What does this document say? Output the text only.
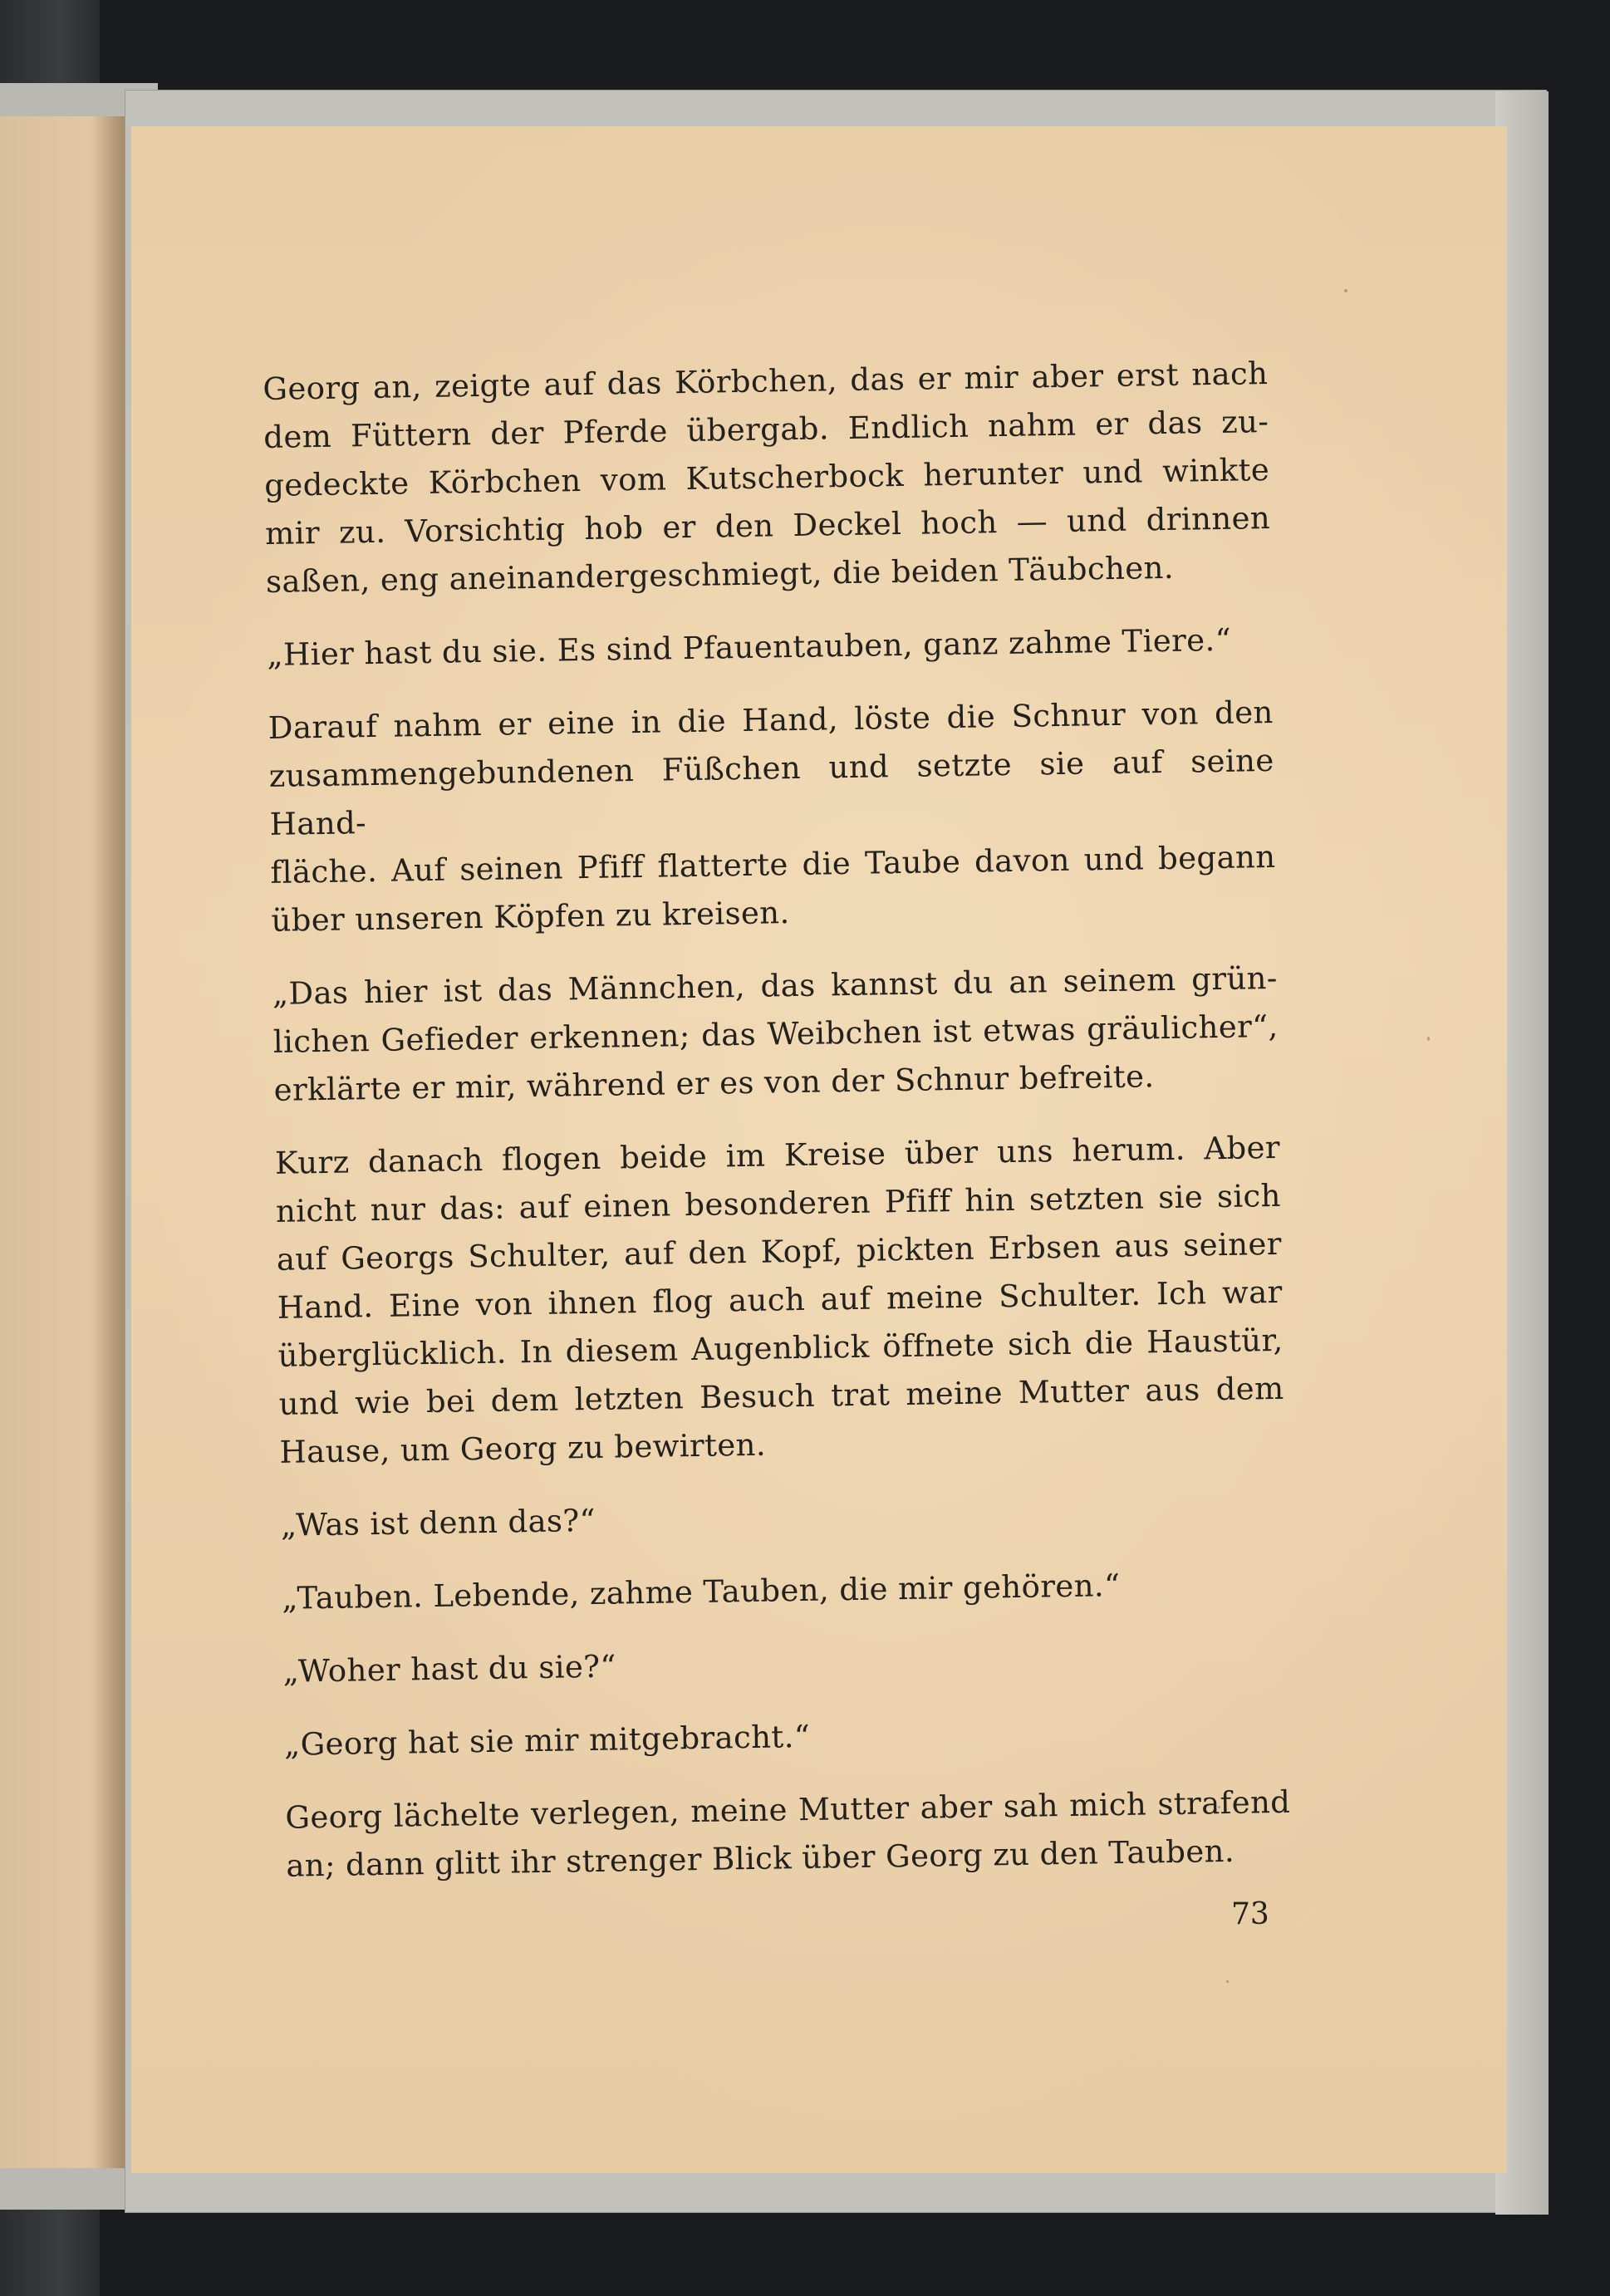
Georg an, zeigte auf das Körbchen, das er mir aber erst nach
dem Füttern der Pferde übergab. Endlich nahm er das zu-
gedeckte Körbchen vom Kutscherbock herunter und winkte
mir zu. Vorsichtig hob er den Deckel hoch — und drinnen
saßen, eng aneinandergeschmiegt, die beiden Täubchen.
„Hier hast du sie. Es sind Pfauentauben, ganz zahme Tiere.“
Darauf nahm er eine in die Hand, löste die Schnur von den
zusammengebundenen Füßchen und setzte sie auf seine Hand-
fläche. Auf seinen Pfiff flatterte die Taube davon und begann
über unseren Köpfen zu kreisen.
„Das hier ist das Männchen, das kannst du an seinem grün-
lichen Gefieder erkennen; das Weibchen ist etwas gräulicher“,
erklärte er mir, während er es von der Schnur befreite.
Kurz danach flogen beide im Kreise über uns herum. Aber
nicht nur das: auf einen besonderen Pfiff hin setzten sie sich
auf Georgs Schulter, auf den Kopf, pickten Erbsen aus seiner
Hand. Eine von ihnen flog auch auf meine Schulter. Ich war
überglücklich. In diesem Augenblick öffnete sich die Haustür,
und wie bei dem letzten Besuch trat meine Mutter aus dem
Hause, um Georg zu bewirten.
„Was ist denn das?“
„Tauben. Lebende, zahme Tauben, die mir gehören.“
„Woher hast du sie?“
„Georg hat sie mir mitgebracht.“
Georg lächelte verlegen, meine Mutter aber sah mich strafend
an; dann glitt ihr strenger Blick über Georg zu den Tauben.
73
